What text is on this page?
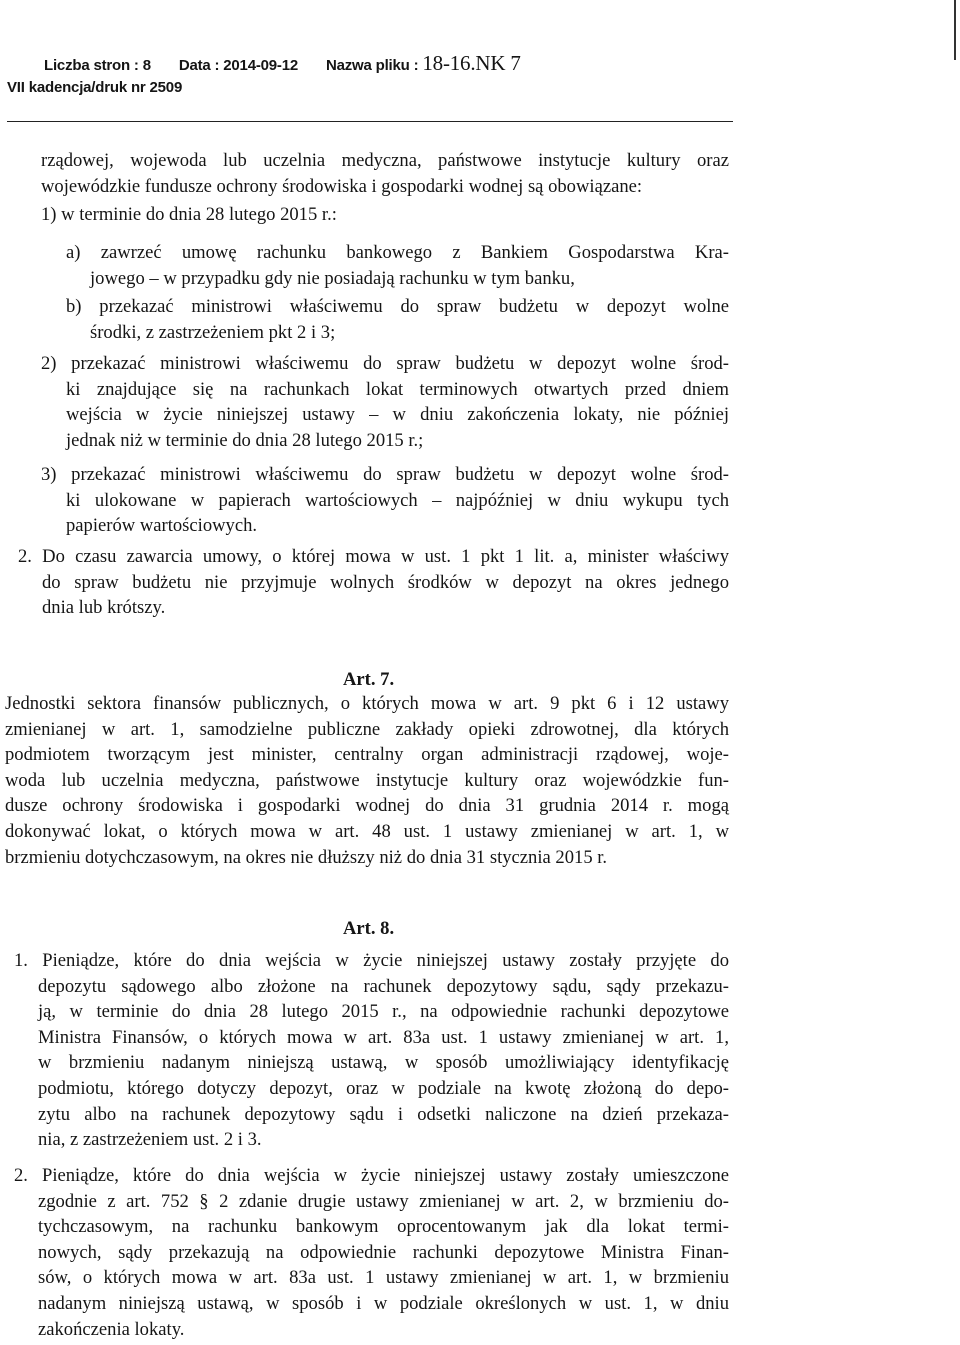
Liczba stron : 8 Data : 2014-09-12 Nazwa pliku : 18-16.NK 7
VII kadencja/druk nr 2509
rządowej, wojewoda lub uczelnia medyczna, państwowe instytucje kultury oraz
wojewódzkie fundusze ochrony środowiska i gospodarki wodnej są obowiązane:
1) w terminie do dnia 28 lutego 2015 r.:
a) zawrzeć umowę rachunku bankowego z Bankiem Gospodarstwa Kra-
jowego – w przypadku gdy nie posiadają rachunku w tym banku,
b) przekazać ministrowi właściwemu do spraw budżetu w depozyt wolne
środki, z zastrzeżeniem pkt 2 i 3;
2) przekazać ministrowi właściwemu do spraw budżetu w depozyt wolne środ-
ki znajdujące się na rachunkach lokat terminowych otwartych przed dniem
wejścia w życie niniejszej ustawy – w dniu zakończenia lokaty, nie później
jednak niż w terminie do dnia 28 lutego 2015 r.;
3) przekazać ministrowi właściwemu do spraw budżetu w depozyt wolne środ-
ki ulokowane w papierach wartościowych – najpóźniej w dniu wykupu tych
papierów wartościowych.
2. Do czasu zawarcia umowy, o której mowa w ust. 1 pkt 1 lit. a, minister właściwy
do spraw budżetu nie przyjmuje wolnych środków w depozyt na okres jednego
dnia lub krótszy.
Art. 7.
Jednostki sektora finansów publicznych, o których mowa w art. 9 pkt 6 i 12 ustawy
zmienianej w art. 1, samodzielne publiczne zakłady opieki zdrowotnej, dla których
podmiotem tworzącym jest minister, centralny organ administracji rządowej, woje-
woda lub uczelnia medyczna, państwowe instytucje kultury oraz wojewódzkie fun-
dusze ochrony środowiska i gospodarki wodnej do dnia 31 grudnia 2014 r. mogą
dokonywać lokat, o których mowa w art. 48 ust. 1 ustawy zmienianej w art. 1, w
brzmieniu dotychczasowym, na okres nie dłuższy niż do dnia 31 stycznia 2015 r.
Art. 8.
1. Pieniądze, które do dnia wejścia w życie niniejszej ustawy zostały przyjęte do
depozytu sądowego albo złożone na rachunek depozytowy sądu, sądy przekazu-
ją, w terminie do dnia 28 lutego 2015 r., na odpowiednie rachunki depozytowe
Ministra Finansów, o których mowa w art. 83a ust. 1 ustawy zmienianej w art. 1,
w brzmieniu nadanym niniejszą ustawą, w sposób umożliwiający identyfikację
podmiotu, którego dotyczy depozyt, oraz w podziale na kwotę złożoną do depo-
zytu albo na rachunek depozytowy sądu i odsetki naliczone na dzień przekaza-
nia, z zastrzeżeniem ust. 2 i 3.
2. Pieniądze, które do dnia wejścia w życie niniejszej ustawy zostały umieszczone
zgodnie z art. 752 § 2 zdanie drugie ustawy zmienianej w art. 2, w brzmieniu do-
tychczasowym, na rachunku bankowym oprocentowanym jak dla lokat termi-
nowych, sądy przekazują na odpowiednie rachunki depozytowe Ministra Finan-
sów, o których mowa w art. 83a ust. 1 ustawy zmienianej w art. 1, w brzmieniu
nadanym niniejszą ustawą, w sposób i w podziale określonych w ust. 1, w dniu
zakończenia lokaty.
